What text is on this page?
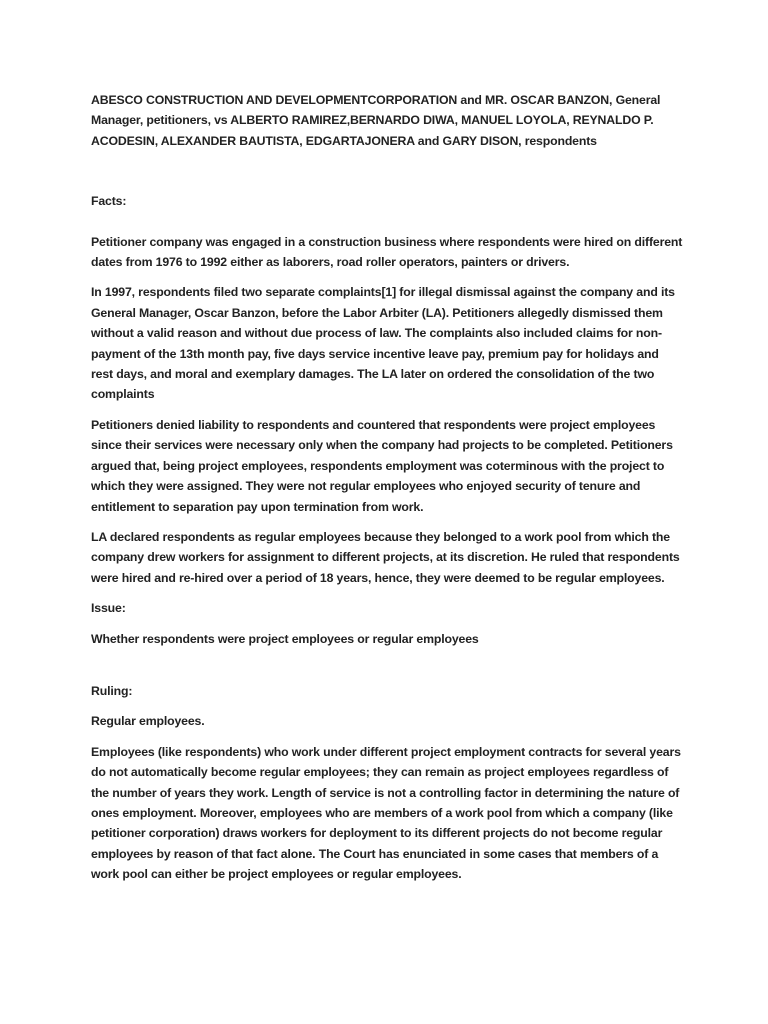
ABESCO CONSTRUCTION AND DEVELOPMENTCORPORATION and MR. OSCAR BANZON, General Manager, petitioners, vs ALBERTO RAMIREZ,BERNARDO DIWA, MANUEL LOYOLA, REYNALDO P. ACODESIN, ALEXANDER BAUTISTA, EDGARTAJONERA and GARY DISON, respondents

Facts:

Petitioner company was engaged in a construction business where respondents were hired on different dates from 1976 to 1992 either as laborers, road roller operators, painters or drivers.

In 1997, respondents filed two separate complaints[1] for illegal dismissal against the company and its General Manager, Oscar Banzon, before the Labor Arbiter (LA). Petitioners allegedly dismissed them without a valid reason and without due process of law. The complaints also included claims for non-payment of the 13th month pay, five days service incentive leave pay, premium pay for holidays and rest days, and moral and exemplary damages. The LA later on ordered the consolidation of the two complaints

Petitioners denied liability to respondents and countered that respondents were project employees since their services were necessary only when the company had projects to be completed. Petitioners argued that, being project employees, respondents employment was coterminous with the project to which they were assigned. They were not regular employees who enjoyed security of tenure and entitlement to separation pay upon termination from work.

LA declared respondents as regular employees because they belonged to a work pool from which the company drew workers for assignment to different projects, at its discretion. He ruled that respondents were hired and re-hired over a period of 18 years, hence, they were deemed to be regular employees.

Issue:

Whether respondents were project employees or regular employees

Ruling:

Regular employees.

Employees (like respondents) who work under different project employment contracts for several years do not automatically become regular employees; they can remain as project employees regardless of the number of years they work. Length of service is not a controlling factor in determining the nature of ones employment. Moreover, employees who are members of a work pool from which a company (like petitioner corporation) draws workers for deployment to its different projects do not become regular employees by reason of that fact alone. The Court has enunciated in some cases that members of a work pool can either be project employees or regular employees.
